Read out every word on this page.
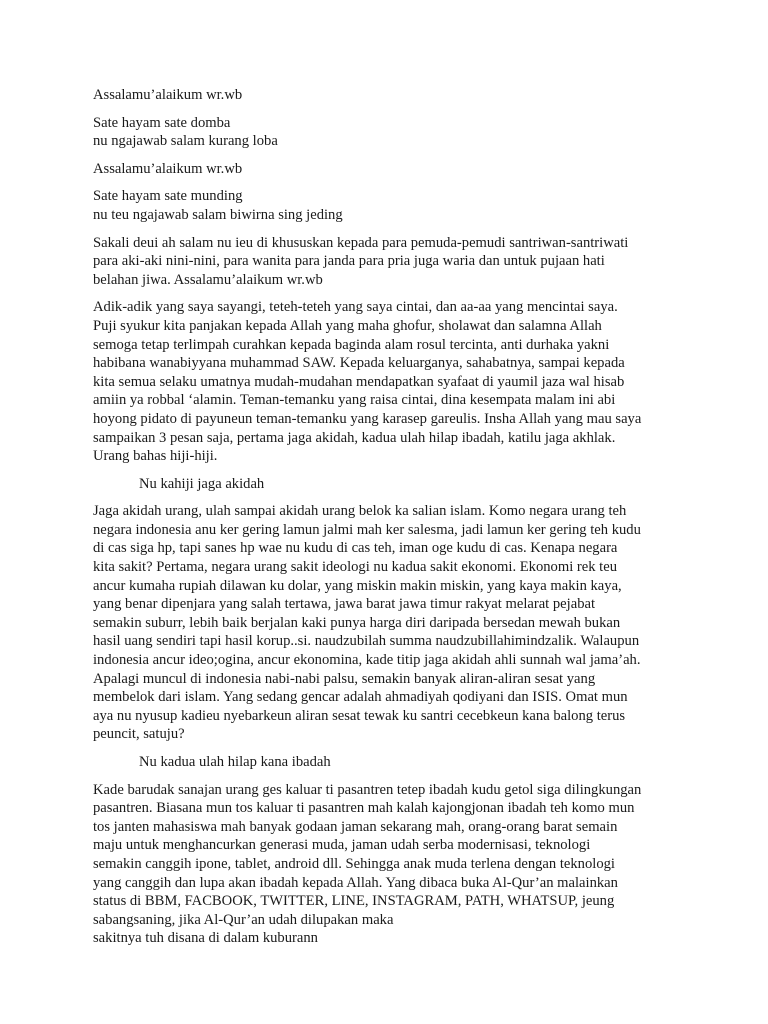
Assalamu’alaikum wr.wb

Sate hayam sate domba
nu ngajawab salam kurang loba

Assalamu’alaikum wr.wb

Sate hayam sate munding
nu teu ngajawab salam biwirna sing jeding

Sakali deui ah salam nu ieu di khususkan kepada para pemuda-pemudi santriwan-santriwati
para aki-aki nini-nini, para wanita para janda para pria juga waria dan untuk pujaan hati
belahan jiwa. Assalamu’alaikum wr.wb

Adik-adik yang saya sayangi, teteh-teteh yang saya cintai, dan aa-aa yang mencintai saya.
Puji syukur kita panjakan kepada Allah yang maha ghofur, sholawat dan salamna Allah
semoga tetap terlimpah curahkan kepada baginda alam rosul tercinta, anti durhaka yakni
habibana wanabiyyana muhammad SAW. Kepada keluarganya, sahabatnya, sampai kepada
kita semua selaku umatnya mudah-mudahan mendapatkan syafaat di yaumil jaza wal hisab
amiin ya robbal ‘alamin. Teman-temanku yang raisa cintai, dina kesempata malam ini abi
hoyong pidato di payuneun teman-temanku yang karasep gareulis. Insha Allah yang mau saya
sampaikan 3 pesan saja, pertama jaga akidah, kadua ulah hilap ibadah, katilu jaga akhlak.
Urang bahas hiji-hiji.

Nu kahiji jaga akidah

Jaga akidah urang, ulah sampai akidah urang belok ka salian islam. Komo negara urang teh
negara indonesia anu ker gering lamun jalmi mah ker salesma, jadi lamun ker gering teh kudu
di cas siga hp, tapi sanes hp wae nu kudu di cas teh, iman oge kudu di cas. Kenapa negara
kita sakit? Pertama, negara urang sakit ideologi nu kadua sakit ekonomi. Ekonomi rek teu
ancur kumaha rupiah dilawan ku dolar, yang miskin makin miskin, yang kaya makin kaya,
yang benar dipenjara yang salah tertawa, jawa barat jawa timur rakyat melarat pejabat
semakin suburr, lebih baik berjalan kaki punya harga diri daripada bersedan mewah bukan
hasil uang sendiri tapi hasil korup..si. naudzubilah summa naudzubillahimindzalik. Walaupun
indonesia ancur ideo;ogina, ancur ekonomina, kade titip jaga akidah ahli sunnah wal jama’ah.
Apalagi muncul di indonesia nabi-nabi palsu, semakin banyak aliran-aliran sesat yang
membelok dari islam. Yang sedang gencar adalah ahmadiyah qodiyani dan ISIS. Omat mun
aya nu nyusup kadieu nyebarkeun aliran sesat tewak ku santri cecebkeun kana balong terus
peuncit, satuju?

Nu kadua ulah hilap kana ibadah

Kade barudak sanajan urang ges kaluar ti pasantren tetep ibadah kudu getol siga dilingkungan
pasantren. Biasana mun tos kaluar ti pasantren mah kalah kajongjonan ibadah teh komo mun
tos janten mahasiswa mah banyak godaan jaman sekarang mah, orang-orang barat semain
maju untuk menghancurkan generasi muda, jaman udah serba modernisasi, teknologi
semakin canggih ipone, tablet, android dll. Sehingga anak muda terlena dengan teknologi
yang canggih dan lupa akan ibadah kepada Allah. Yang dibaca buka Al-Qur’an malainkan
status di BBM, FACBOOK, TWITTER, LINE, INSTAGRAM, PATH, WHATSUP, jeung
sabangsaning, jika Al-Qur’an udah dilupakan maka
sakitnya tuh disana di dalam kuburann
